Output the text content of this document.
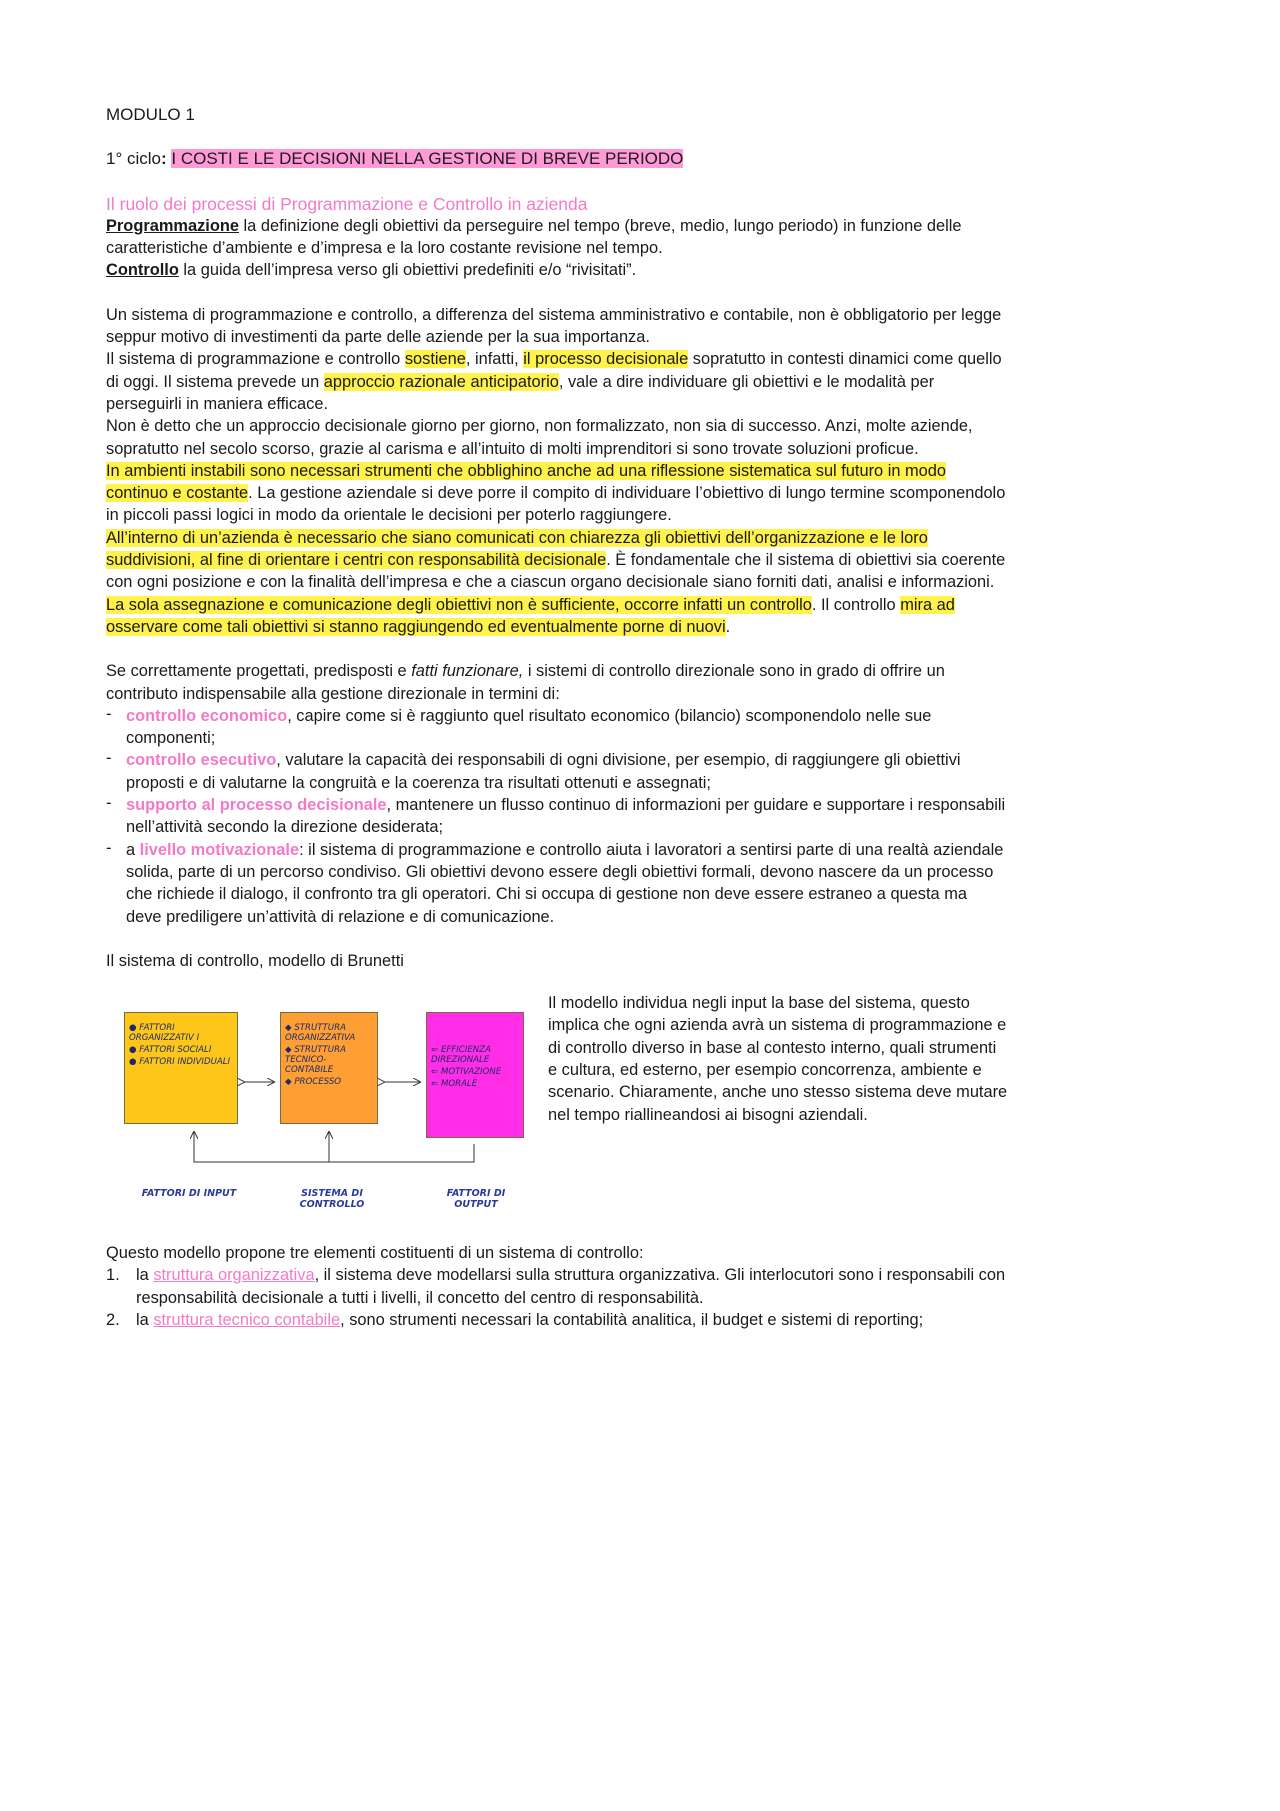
MODULO 1

1° ciclo: I COSTI E LE DECISIONI NELLA GESTIONE DI BREVE PERIODO

Il ruolo dei processi di Programmazione e Controllo in azienda

Programmazione la definizione degli obiettivi da perseguire nel tempo (breve, medio, lungo periodo) in funzione delle caratteristiche d’ambiente e d’impresa e la loro costante revisione nel tempo.

Controllo la guida dell’impresa verso gli obiettivi predefiniti e/o “rivisitati”.

Un sistema di programmazione e controllo, a differenza del sistema amministrativo e contabile, non è obbligatorio per legge seppur motivo di investimenti da parte delle aziende per la sua importanza.

Il sistema di programmazione e controllo sostiene, infatti, il processo decisionale sopratutto in contesti dinamici come quello di oggi. Il sistema prevede un approccio razionale anticipatorio, vale a dire individuare gli obiettivi e le modalità per perseguirli in maniera efficace.

Non è detto che un approccio decisionale giorno per giorno, non formalizzato, non sia di successo. Anzi, molte aziende, sopratutto nel secolo scorso, grazie al carisma e all’intuito di molti imprenditori si sono trovate soluzioni proficue.

In ambienti instabili sono necessari strumenti che obblighino anche ad una riflessione sistematica sul futuro in modo continuo e costante. La gestione aziendale si deve porre il compito di individuare l’obiettivo di lungo termine scomponendolo in piccoli passi logici in modo da orientale le decisioni per poterlo raggiungere.

All’interno di un’azienda è necessario che siano comunicati con chiarezza gli obiettivi dell’organizzazione e le loro suddivisioni, al fine di orientare i centri con responsabilità decisionale. È fondamentale che il sistema di obiettivi sia coerente con ogni posizione e con la finalità dell’impresa e che a ciascun organo decisionale siano forniti dati, analisi e informazioni.

La sola assegnazione e comunicazione degli obiettivi non è sufficiente, occorre infatti un controllo. Il controllo mira ad osservare come tali obiettivi si stanno raggiungendo ed eventualmente porne di nuovi.

Se correttamente progettati, predisposti e fatti funzionare, i sistemi di controllo direzionale sono in grado di offrire un contributo indispensabile alla gestione direzionale in termini di:

- controllo economico, capire come si è raggiunto quel risultato economico (bilancio) scomponendolo nelle sue componenti;
- controllo esecutivo, valutare la capacità dei responsabili di ogni divisione, per esempio, di raggiungere gli obiettivi proposti e di valutarne la congruità e la coerenza tra risultati ottenuti e assegnati;
- supporto al processo decisionale, mantenere un flusso continuo di informazioni per guidare e supportare i responsabili nell’attività secondo la direzione desiderata;
- a livello motivazionale: il sistema di programmazione e controllo aiuta i lavoratori a sentirsi parte di una realtà aziendale solida, parte di un percorso condiviso. Gli obiettivi devono essere degli obiettivi formali, devono nascere da un processo che richiede il dialogo, il confronto tra gli operatori. Chi si occupa di gestione non deve essere estraneo a questa ma deve prediligere un’attività di relazione e di comunicazione.

Il sistema di controllo, modello di Brunetti

● FATTORI ORGANIZZATIV I
● FATTORI SOCIALI
● FATTORI INDIVIDUALI
◆ STRUTTURA ORGANIZZATIVA
◆ STRUTTURA TECNICO-CONTABILE
◆ PROCESSO
⇐ EFFICIENZA DIREZIONALE
⇐ MOTIVAZIONE
⇐ MORALE
FATTORI DI INPUT	SISTEMA DI CONTROLLO
FATTORI DI OUTPUT

Il modello individua negli input la base del sistema, questo implica che ogni azienda avrà un sistema di programmazione e di controllo diverso in base al contesto interno, quali strumenti e cultura, ed esterno, per esempio concorrenza, ambiente e scenario. Chiaramente, anche uno stesso sistema deve mutare nel tempo riallineandosi ai bisogni aziendali.

Questo modello propone tre elementi costituenti di un sistema di controllo:

1. la struttura organizzativa, il sistema deve modellarsi sulla struttura organizzativa. Gli interlocutori sono i responsabili con responsabilità decisionale a tutti i livelli, il concetto del centro di responsabilità.
2. la struttura tecnico contabile, sono strumenti necessari la contabilità analitica, il budget e sistemi di reporting;
